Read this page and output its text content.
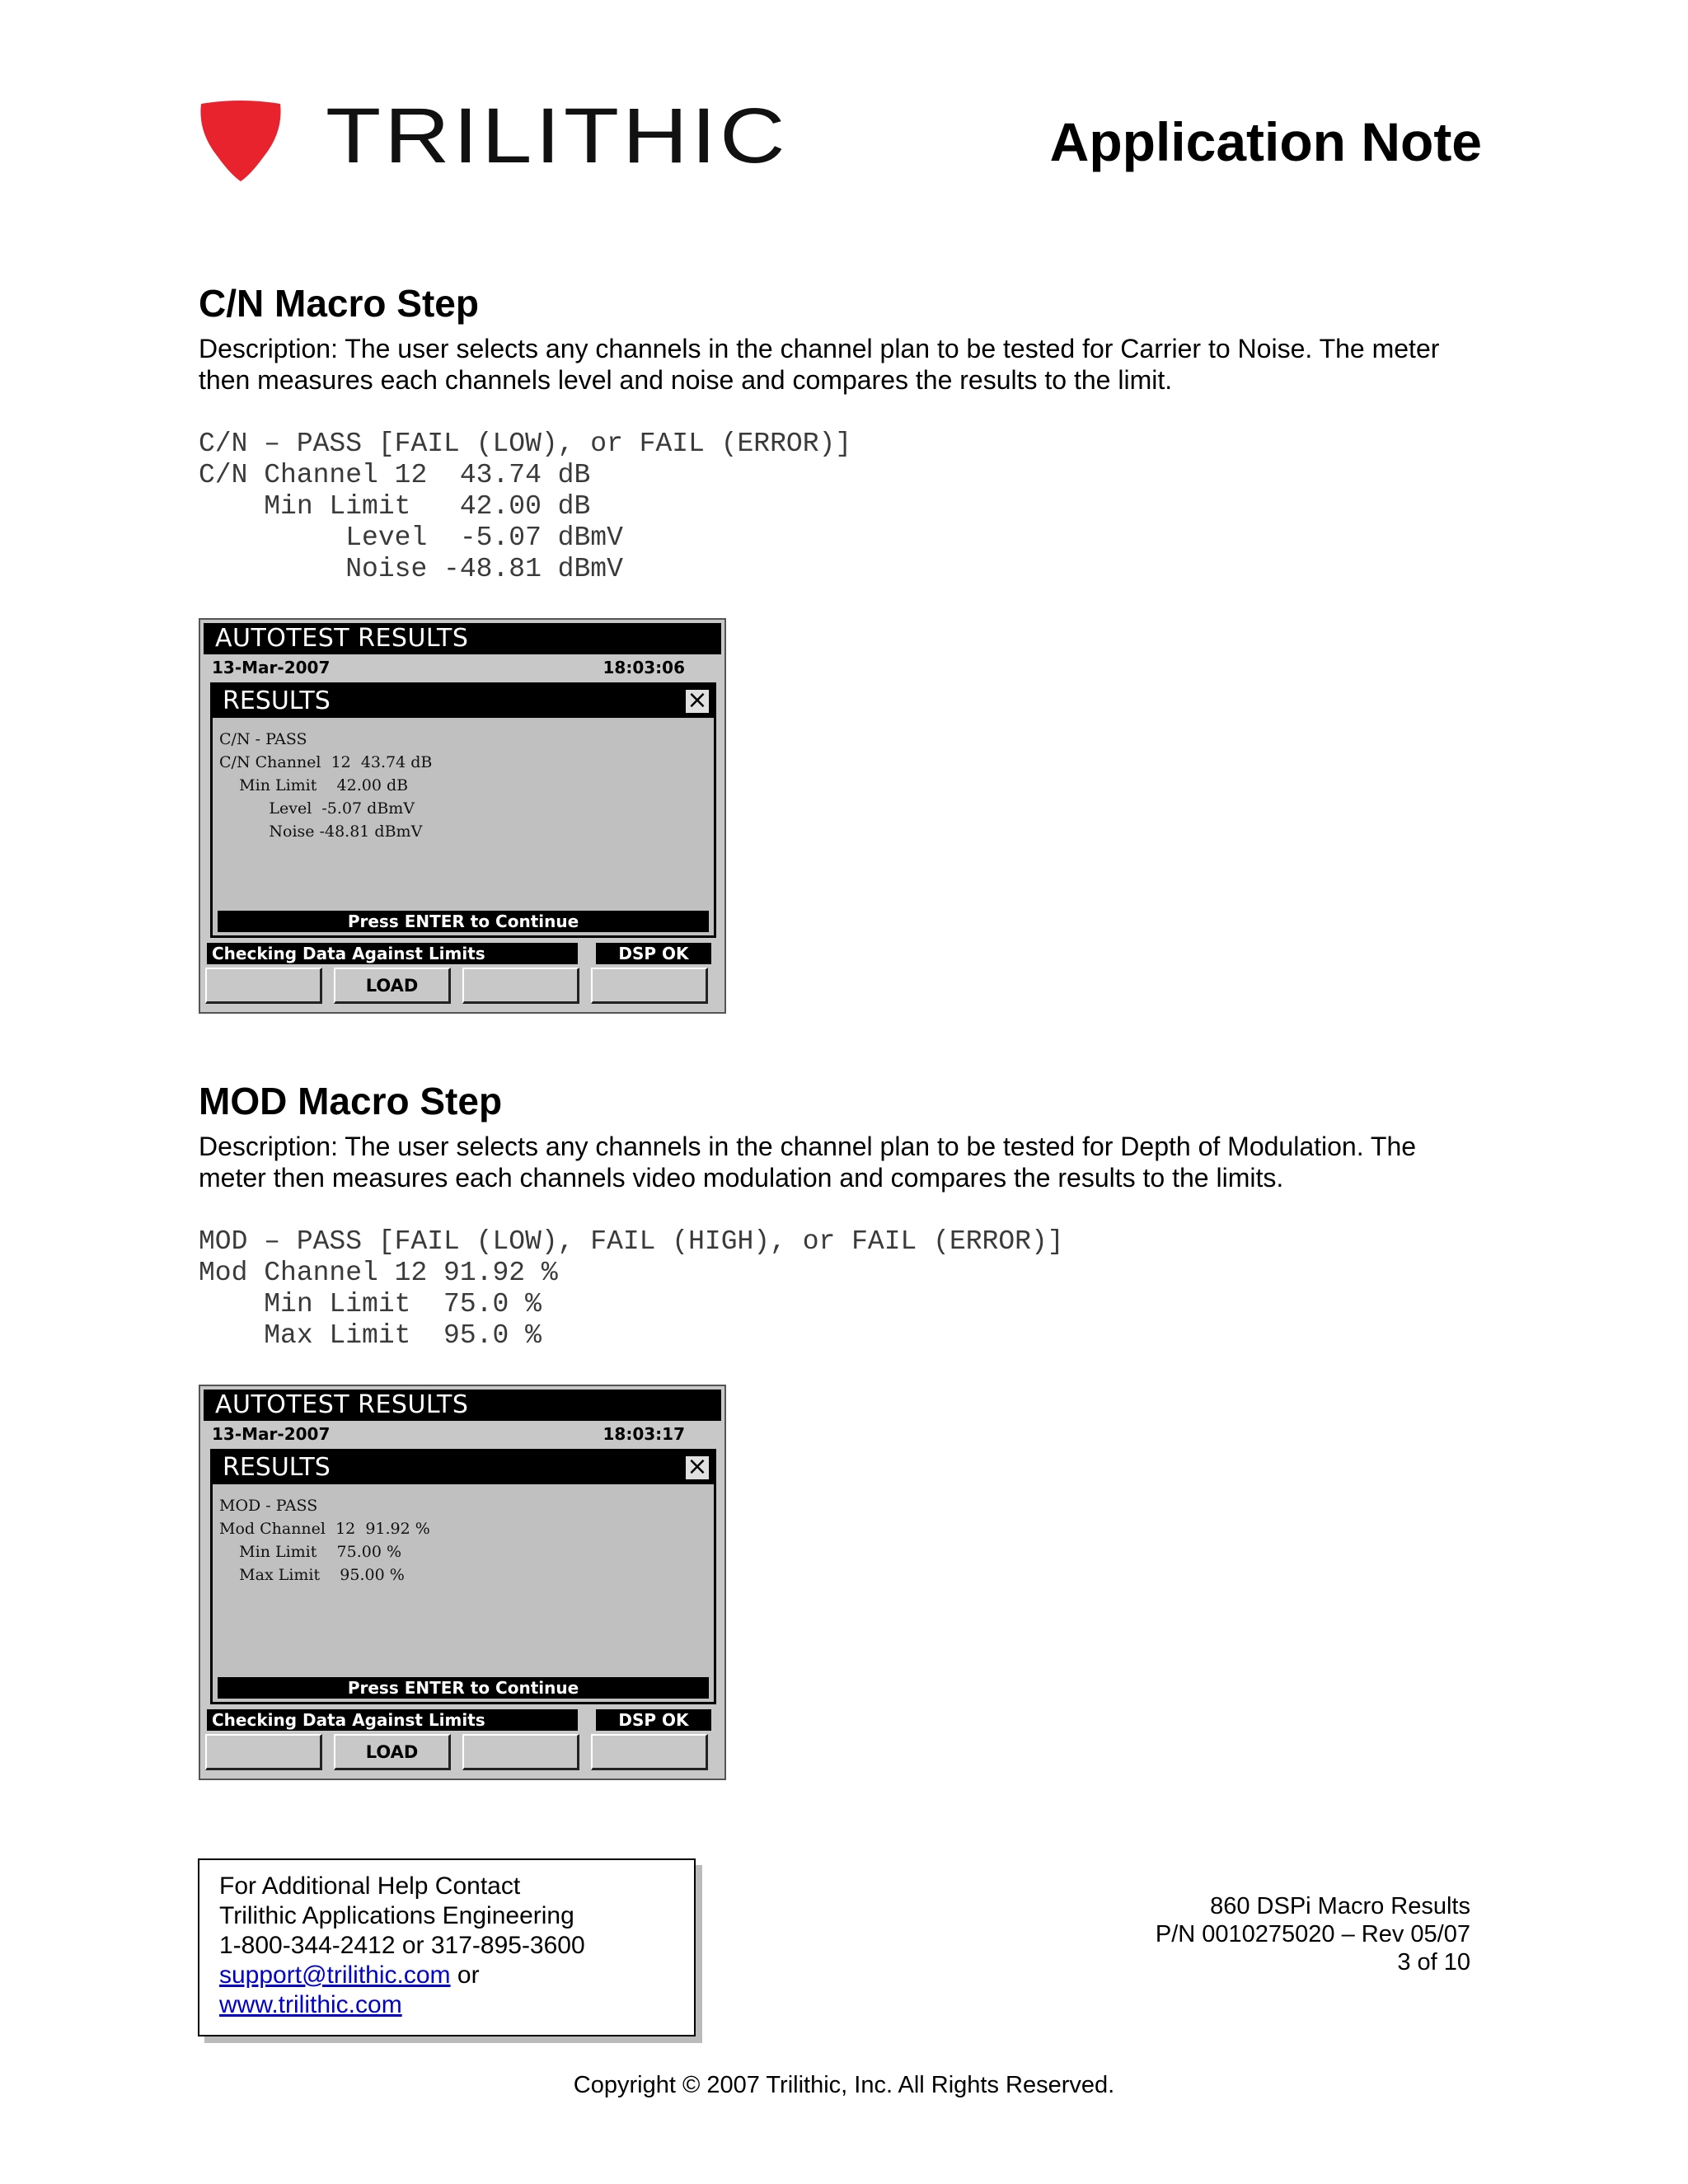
TRILITHIC	Application Note
C/N Macro Step
Description: The user selects any channels in the channel plan to be tested for Carrier to Noise. The meter then measures each channels level and noise and compares the results to the limit.
C/N – PASS [FAIL (LOW), or FAIL (ERROR)]
C/N Channel 12  43.74 dB
Min Limit   42.00 dB
Level  -5.07 dBmV
Noise -48.81 dBmV
AUTOTEST RESULTS
13-Mar-2007	18:03:06
RESULTS	×
C/N - PASS
C/N Channel  12  43.74 dB
Min Limit    42.00 dB
Level  -5.07 dBmV
Noise -48.81 dBmV
Press ENTER to Continue
Checking Data Against Limits	DSP OK
LOAD
MOD Macro Step
Description: The user selects any channels in the channel plan to be tested for Depth of Modulation. The meter then measures each channels video modulation and compares the results to the limits.
MOD – PASS [FAIL (LOW), FAIL (HIGH), or FAIL (ERROR)]
Mod Channel 12 91.92 %
Min Limit  75.0 %
Max Limit  95.0 %
AUTOTEST RESULTS
13-Mar-2007	18:03:17
RESULTS	×
MOD - PASS
Mod Channel  12  91.92 %
Min Limit    75.00 %
Max Limit    95.00 %
Press ENTER to Continue
Checking Data Against Limits	DSP OK
LOAD
For Additional Help Contact
Trilithic Applications Engineering
1-800-344-2412 or 317-895-3600
support@trilithic.com or
www.trilithic.com
860 DSPi Macro Results
P/N 0010275020 – Rev 05/07
3 of 10
Copyright © 2007 Trilithic, Inc. All Rights Reserved.
